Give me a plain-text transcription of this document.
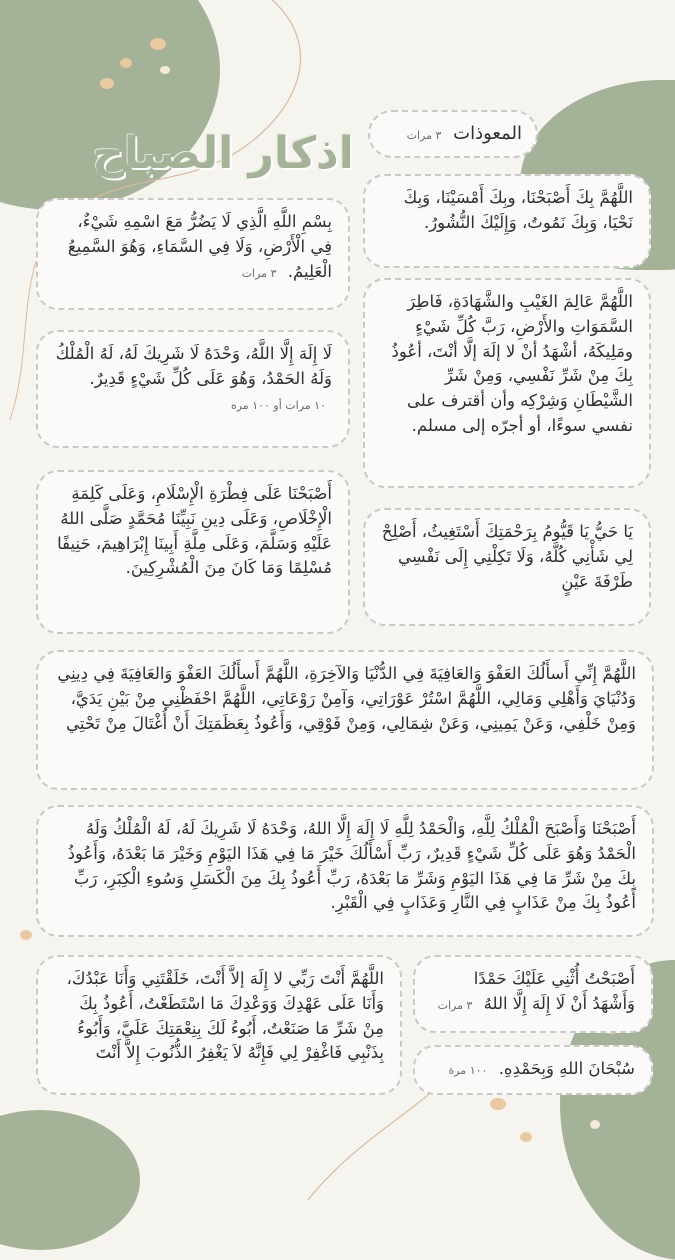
اذكار الصباح	المعوذات ٣ مرات
اللَّهُمَّ بِكَ أَصْبَحْنَا، وبِكَ أَمْسَيْنَا، وَبِكَ نَحْيَا، وَبِكَ نَمُوتُ، وَإِلَيْكَ النُّشُورُ.
اللَّهُمَّ عَالِمَ الغَيْبِ والشَّهَادَةِ، فَاطِرَ السَّمَوَاتِ والأَرْضِ، رَبَّ كُلِّ شَيْءٍ ومَلِيكَهُ، أشْهَدُ أنْ لا إلَهَ إلَّا أنْتَ، أعُوذُ بِكَ مِنْ شَرِّ نَفْسِي، وَمِنْ شَرِّ الشَّيْطَانِ وَشِرْكِه وأن أقترف على نفسي سوءًا، أو أجرّه إلى مسلم.
يَا حَيُّ يَا قَيُّومُ بِرَحْمَتِكَ أَسْتَغِيثُ، أَصْلِحْ لِي شَأْنِي كُلَّهُ، وَلَا تَكِلْنِي إِلَى نَفْسِي طَرْفَةَ عَيْنٍ
بِسْمِ اللَّهِ الَّذِي لَا يَضُرُّ مَعَ اسْمِهِ شَيْءٌ، فِي الْأَرْضِ، وَلَا فِي السَّمَاءِ، وَهُوَ السَّمِيعُ الْعَلِيمُ. ٣ مرات
لَا إِلَهَ إِلَّا اللَّهُ، وَحْدَهُ لَا شَرِيكَ لَهُ، لَهُ الْمُلْكُ وَلَهُ الحَمْدُ، وَهُوَ عَلَى كُلِّ شَيْءٍ قَدِيرٌ. ١٠ مرات أو ١٠٠ مره
أَصْبَحْنَا عَلَى فِطْرَةِ الْإِسْلَامِ، وَعَلَى كَلِمَةِ الْإِخْلَاصِ، وَعَلَى دِينِ نَبِيِّنَا مُحَمَّدٍ صَلَّى اللهُ عَلَيْهِ وَسَلَّمَ، وَعَلَى مِلَّةِ أَبِينَا إِبْرَاهِيمَ، حَنِيفًا مُسْلِمًا وَمَا كَانَ مِنَ الْمُشْرِكِينَ.
اللَّهُمَّ إِنِّي أَسأَلُكَ العَفْوَ وَالعَافِيَةَ فِي الدُّنْيَا وَالآخِرَةِ، اللَّهُمَّ أَسأَلُكَ العَفْوَ وَالعَافِيَةَ فِي دِينِي وَدُنْيَايَ وَأَهْلِي وَمَالِي، اللَّهُمَّ اسْتُرْ عَوْرَاتِي، وَآمِنْ رَوْعَاتِي، اللَّهُمَّ احْفَظْنِي مِنْ بَيْنِ يَدَيَّ، وَمِنْ خَلْفِي، وَعَنْ يَمِينِي، وَعَنْ شِمَالِي، وَمِنْ فَوْقِي، وَأَعُوذُ بِعَظَمَتِكَ أَنْ أُغْتَالَ مِنْ تَحْتِي
أَصْبَحْنَا وَأَصْبَحَ الْمُلْكُ لِلَّهِ، وَالْحَمْدُ لِلَّهِ لَا إِلَهَ إِلَّا اللهُ، وَحْدَهُ لَا شَرِيكَ لَهُ، لَهُ الْمُلْكُ وَلَهُ الْحَمْدُ وَهُوَ عَلَى كُلِّ شَيْءٍ قَدِيرٌ، رَبِّ أَسْأَلُكَ خَيْرَ مَا فِي هَذَا اليَوْمِ وَخَيْرَ مَا بَعْدَهُ، وَأَعُوذُ بِكَ مِنْ شَرِّ مَا فِي هَذَا اليَوْمِ وَشَرِّ مَا بَعْدَهُ، رَبِّ أَعُوذُ بِكَ مِنَ الْكَسَلِ وَسُوءِ الْكِبَرِ، رَبِّ أَعُوذُ بِكَ مِنْ عَذَابٍ فِي النَّارِ وَعَذَابٍ فِي الْقَبْرِ.
أَصْبَحْتُ أُثْنِي عَلَيْكَ حَمْدًا وَأَشْهَدُ أَنْ لَا إِلَهَ إِلَّا اللهُ ٣ مرات
سُبْحَانَ اللهِ وَبِحَمْدِهِ. ١٠٠ مرة
اللَّهُمَّ أَنْتَ رَبِّي لا إِلَهَ إلاَّ أَنْتَ، خَلَقْتَنِي وَأَنَا عَبْدُكَ، وَأَنَا عَلَى عَهْدِكَ وَوَعْدِكَ مَا اسْتَطَعْتُ، أَعُوذُ بِكَ مِنْ شَرِّ مَا صَنَعْتُ، أَبُوءُ لَكَ بِنِعْمَتِكَ عَلَيَّ، وَأَبُوءُ بِذَنْبِي فَاغْفِرْ لِي فَإِنَّهُ لاَ يَغْفِرُ الذُّنُوبَ إِلاَّ أَنْتَ
